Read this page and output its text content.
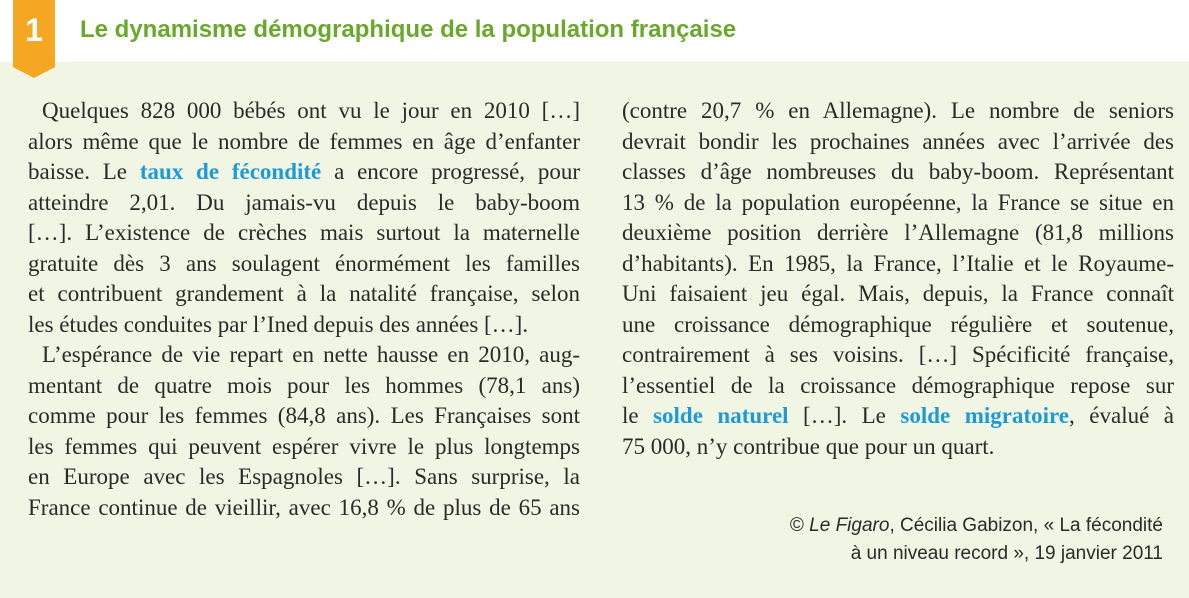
1	Le dynamisme démographique de la population française
Quelques 828 000 bébés ont vu le jour en 2010 […]
alors même que le nombre de femmes en âge d’enfanter
baisse. Le taux de fécondité a encore progressé, pour
atteindre 2,01. Du jamais-vu depuis le baby-boom
[…]. L’existence de crèches mais surtout la maternelle
gratuite dès 3 ans soulagent énormément les familles
et contribuent grandement à la natalité française, selon
les études conduites par l’Ined depuis des années […].
L’espérance de vie repart en nette hausse en 2010, aug-
mentant de quatre mois pour les hommes (78,1 ans)
comme pour les femmes (84,8 ans). Les Françaises sont
les femmes qui peuvent espérer vivre le plus longtemps
en Europe avec les Espagnoles […]. Sans surprise, la
France continue de vieillir, avec 16,8 % de plus de 65 ans
(contre 20,7 % en Allemagne). Le nombre de seniors
devrait bondir les prochaines années avec l’arrivée des
classes d’âge nombreuses du baby-boom. Représentant
13 % de la population européenne, la France se situe en
deuxième position derrière l’Allemagne (81,8 millions
d’habitants). En 1985, la France, l’Italie et le Royaume-
Uni faisaient jeu égal. Mais, depuis, la France connaît
une croissance démographique régulière et soutenue,
contrairement à ses voisins. […] Spécificité française,
l’essentiel de la croissance démographique repose sur
le solde naturel […]. Le solde migratoire, évalué à
75 000, n’y contribue que pour un quart.
© Le Figaro, Cécilia Gabizon, « La fécondité
à un niveau record », 19 janvier 2011
